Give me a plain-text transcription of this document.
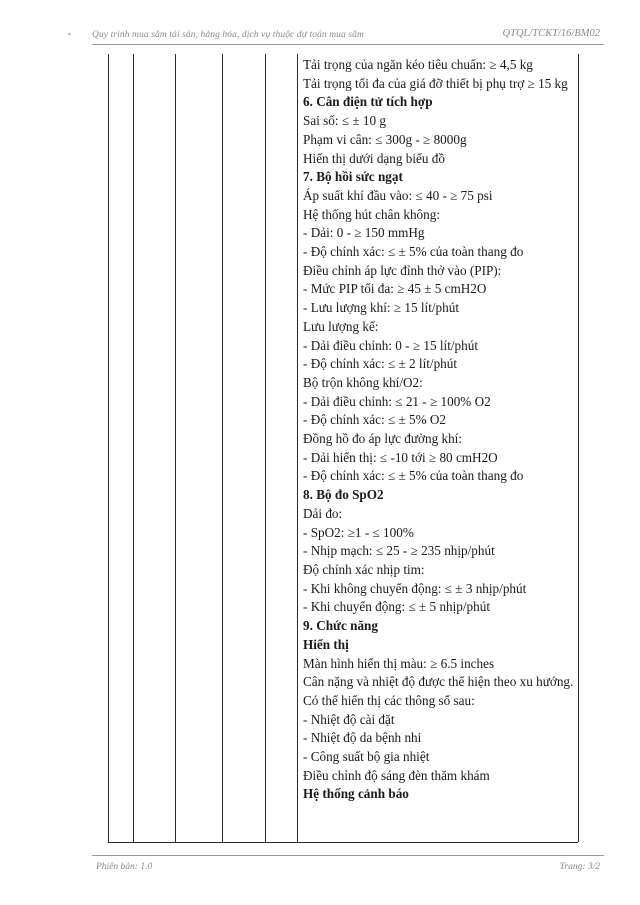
• Quy trình mua sắm tài sản, hàng hóa, dịch vụ thuộc dự toán mua sắm	QTQL/TCKT/16/BM02
Tải trọng của ngăn kéo tiêu chuẩn: ≥ 4,5 kg
Tải trọng tối đa của giá đỡ thiết bị phụ trợ ≥ 15 kg
6. Cân điện tử tích hợp
Sai số: ≤ ± 10 g
Phạm vi cân: ≤ 300g - ≥ 8000g
Hiển thị dưới dạng biểu đồ
7. Bộ hồi sức ngạt
Áp suất khí đầu vào: ≤ 40 - ≥ 75 psi
Hệ thống hút chân không:
- Dải: 0 - ≥ 150 mmHg
- Độ chính xác: ≤ ± 5% của toàn thang đo
Điều chỉnh áp lực đỉnh thở vào (PIP):
- Mức PIP tối đa: ≥ 45 ± 5 cmH2O
- Lưu lượng khí: ≥ 15 lít/phút
Lưu lượng kế:
- Dải điều chỉnh: 0 - ≥ 15 lít/phút
- Độ chính xác: ≤ ± 2 lít/phút
Bộ trộn không khí/O2:
- Dải điều chỉnh: ≤ 21 - ≥ 100% O2
- Độ chính xác: ≤ ± 5% O2
Đồng hồ đo áp lực đường khí:
- Dải hiển thị: ≤ -10 tới ≥ 80 cmH2O
- Độ chính xác: ≤ ± 5% của toàn thang đo
8. Bộ đo SpO2
Dải đo:
- SpO2: ≥1 - ≤ 100%
- Nhịp mạch: ≤ 25 - ≥ 235 nhịp/phút
Độ chính xác nhịp tim:
- Khi không chuyển động: ≤ ± 3 nhịp/phút
- Khi chuyển động: ≤ ± 5 nhịp/phút
9. Chức năng
Hiển thị
Màn hình hiển thị màu: ≥ 6.5 inches
Cân nặng và nhiệt độ được thể hiện theo xu hướng.
Có thể hiển thị các thông số sau:
- Nhiệt độ cài đặt
- Nhiệt độ da bệnh nhi
- Công suất bộ gia nhiệt
Điều chỉnh độ sáng đèn thăm khám
Hệ thống cảnh báo
Phiên bản: 1.0	Trang: 3/2
